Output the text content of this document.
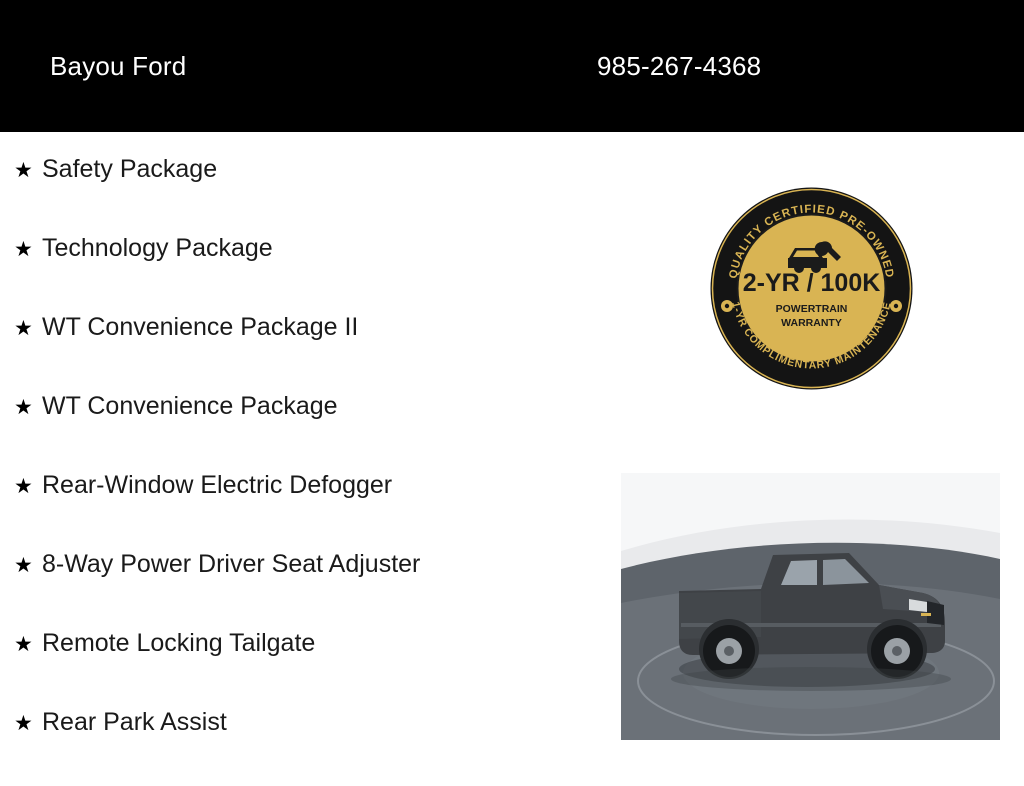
Bayou Ford	985-267-4368
★ Safety Package
★ Technology Package
★ WT Convenience Package II
★ WT Convenience Package
★ Rear-Window Electric Defogger
★ 8-Way Power Driver Seat Adjuster
★ Remote Locking Tailgate
★ Rear Park Assist
QUALITY CERTIFIED PRE-OWNED
1-YR COMPLIMENTARY MAINTENANCE
2-YR / 100K
POWERTRAIN
WARRANTY
